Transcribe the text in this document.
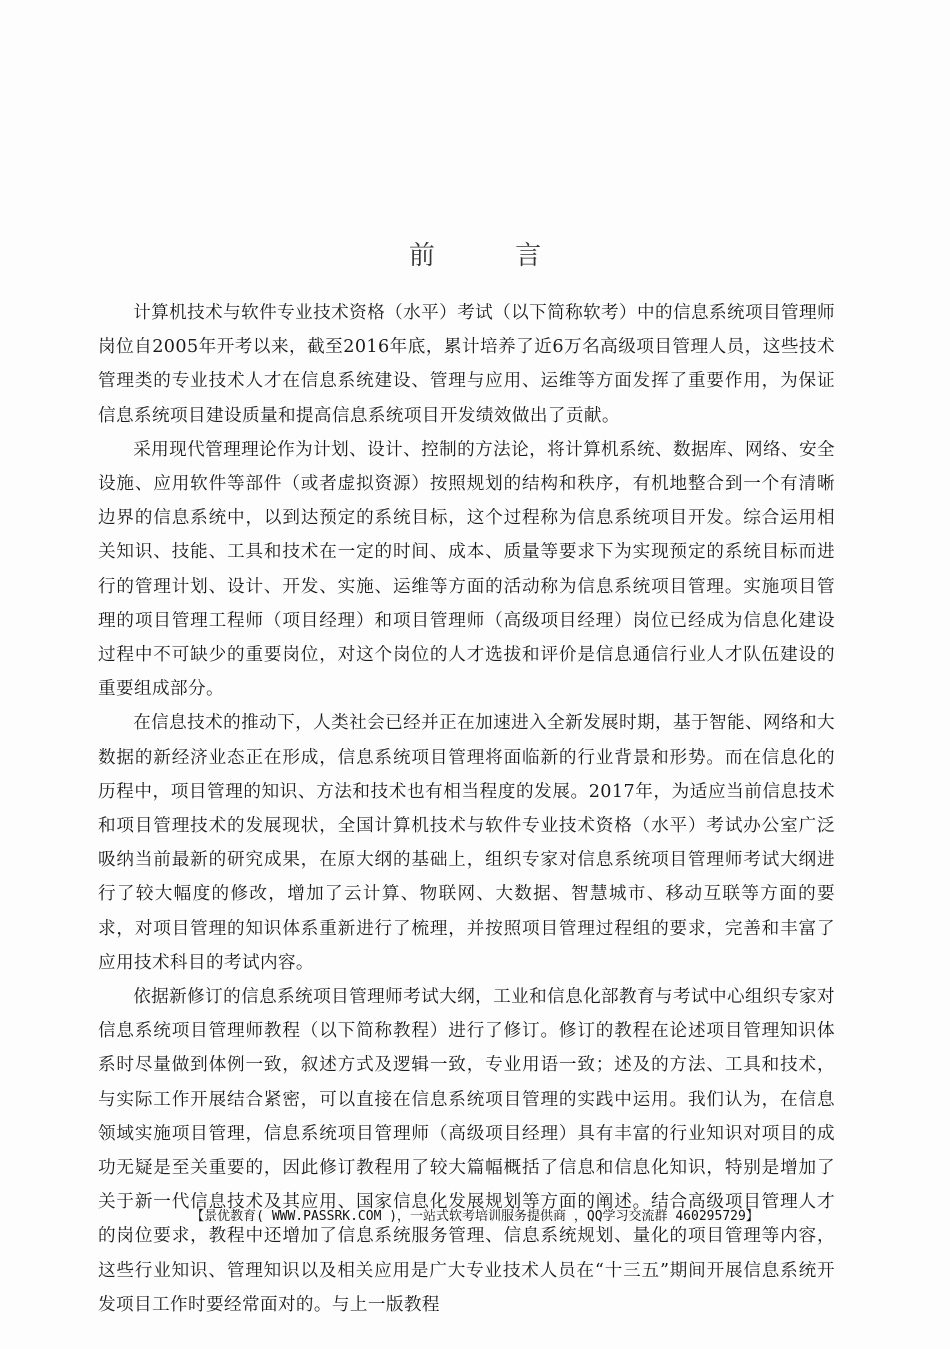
前 言

计算机技术与软件专业技术资格（水平）考试（以下简称软考）中的信息系统项目管理师岗位自2005年开考以来，截至2016年底，累计培养了近6万名高级项目管理人员，这些技术管理类的专业技术人才在信息系统建设、管理与应用、运维等方面发挥了重要作用，为保证信息系统项目建设质量和提高信息系统项目开发绩效做出了贡献。

采用现代管理理论作为计划、设计、控制的方法论，将计算机系统、数据库、网络、安全设施、应用软件等部件（或者虚拟资源）按照规划的结构和秩序，有机地整合到一个有清晰边界的信息系统中，以到达预定的系统目标，这个过程称为信息系统项目开发。综合运用相关知识、技能、工具和技术在一定的时间、成本、质量等要求下为实现预定的系统目标而进行的管理计划、设计、开发、实施、运维等方面的活动称为信息系统项目管理。实施项目管理的项目管理工程师（项目经理）和项目管理师（高级项目经理）岗位已经成为信息化建设过程中不可缺少的重要岗位，对这个岗位的人才选拔和评价是信息通信行业人才队伍建设的重要组成部分。

在信息技术的推动下，人类社会已经并正在加速进入全新发展时期，基于智能、网络和大数据的新经济业态正在形成，信息系统项目管理将面临新的行业背景和形势。而在信息化的历程中，项目管理的知识、方法和技术也有相当程度的发展。2017年，为适应当前信息技术和项目管理技术的发展现状，全国计算机技术与软件专业技术资格（水平）考试办公室广泛吸纳当前最新的研究成果，在原大纲的基础上，组织专家对信息系统项目管理师考试大纲进行了较大幅度的修改，增加了云计算、物联网、大数据、智慧城市、移动互联等方面的要求，对项目管理的知识体系重新进行了梳理，并按照项目管理过程组的要求，完善和丰富了应用技术科目的考试内容。

依据新修订的信息系统项目管理师考试大纲，工业和信息化部教育与考试中心组织专家对信息系统项目管理师教程（以下简称教程）进行了修订。修订的教程在论述项目管理知识体系时尽量做到体例一致，叙述方式及逻辑一致，专业用语一致；述及的方法、工具和技术，与实际工作开展结合紧密，可以直接在信息系统项目管理的实践中运用。我们认为，在信息领域实施项目管理，信息系统项目管理师（高级项目经理）具有丰富的行业知识对项目的成功无疑是至关重要的，因此修订教程用了较大篇幅概括了信息和信息化知识，特别是增加了关于新一代信息技术及其应用、国家信息化发展规划等方面的阐述。结合高级项目管理人才的岗位要求，教程中还增加了信息系统服务管理、信息系统规划、量化的项目管理等内容，这些行业知识、管理知识以及相关应用是广大专业技术人员在“十三五”期间开展信息系统开发项目工作时要经常面对的。与上一版教程

【景优教育( WWW.PASSRK.COM )，一站式软考培训服务提供商 ，QQ学习交流群 460295729】
